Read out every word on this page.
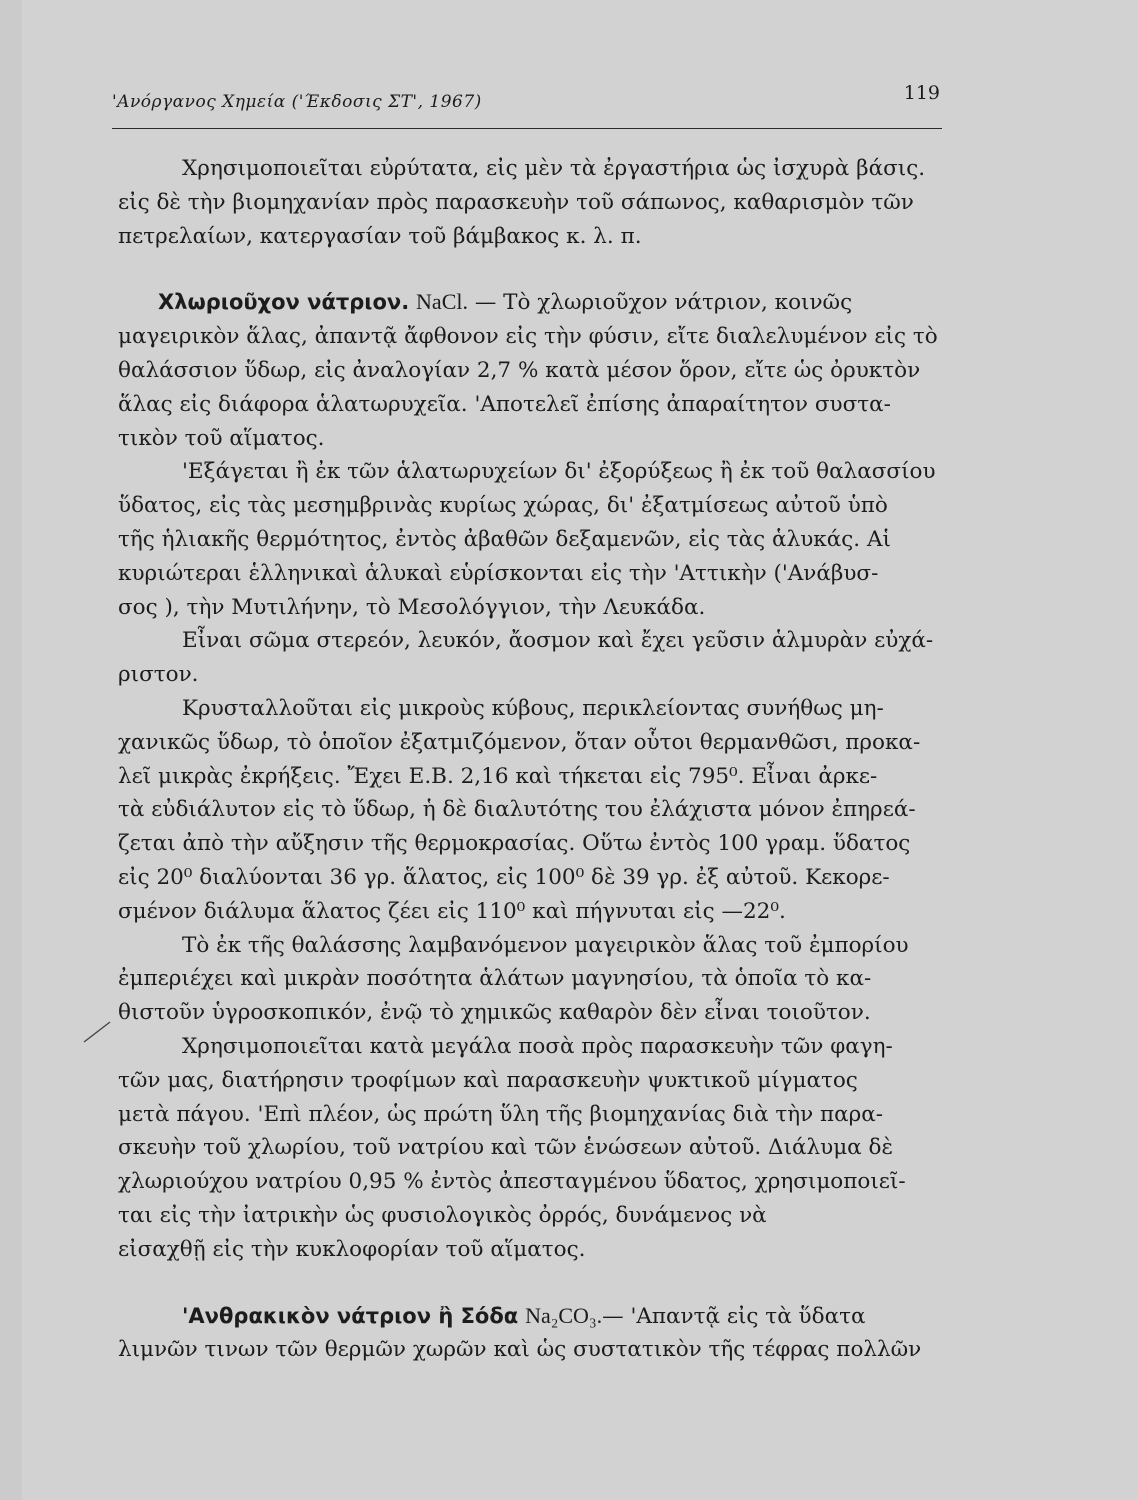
'Ανόργανος Χημεία ('Έκδοσις ΣΤ', 1967)	119
Χρησιμοποιεῖται εὐρύτατα, εἰς μὲν τὰ ἐργαστήρια ὡς ἰσχυρὰ βάσις.
εἰς δὲ τὴν βιομηχανίαν πρὸς παρασκευὴν τοῦ σάπωνος, καθαρισμὸν τῶν
πετρελαίων, κατεργασίαν τοῦ βάμβακος κ. λ. π.
Χλωριοῦχον νάτριον. NaCl. — Τὸ χλωριοῦχον νάτριον, κοινῶς
μαγειρικὸν ἅλας, ἀπαντᾷ ἄφθονον εἰς τὴν φύσιν, εἴτε διαλελυμένον εἰς τὸ
θαλάσσιον ὕδωρ, εἰς ἀναλογίαν 2,7 % κατὰ μέσον ὅρον, εἴτε ὡς ὀρυκτὸν
ἅλας εἰς διάφορα ἁλατωρυχεῖα. 'Αποτελεῖ ἐπίσης ἀπαραίτητον συστα-
τικὸν τοῦ αἵματος.
'Εξάγεται ἢ ἐκ τῶν ἁλατωρυχείων δι' ἐξορύξεως ἢ ἐκ τοῦ θαλασσίου
ὕδατος, εἰς τὰς μεσημβρινὰς κυρίως χώρας, δι' ἐξατμίσεως αὐτοῦ ὑπὸ
τῆς ἡλιακῆς θερμότητος, ἐντὸς ἀβαθῶν δεξαμενῶν, εἰς τὰς ἁλυκάς. Αἱ
κυριώτεραι ἑλληνικαὶ ἁλυκαὶ εὑρίσκονται εἰς τὴν 'Αττικὴν ('Ανάβυσ-
σος ), τὴν Μυτιλήνην, τὸ Μεσολόγγιον, τὴν Λευκάδα.
Εἶναι σῶμα στερεόν, λευκόν, ἄοσμον καὶ ἔχει γεῦσιν ἁλμυρὰν εὐχά-
ριστον.
Κρυσταλλοῦται εἰς μικροὺς κύβους, περικλείοντας συνήθως μη-
χανικῶς ὕδωρ, τὸ ὁποῖον ἐξατμιζόμενον, ὅταν οὗτοι θερμανθῶσι, προκα-
λεῖ μικρὰς ἐκρήξεις. Ἔχει Ε.Β. 2,16 καὶ τήκεται εἰς 795⁰. Εἶναι ἀρκε-
τὰ εὐδιάλυτον εἰς τὸ ὕδωρ, ἡ δὲ διαλυτότης του ἐλάχιστα μόνον ἐπηρεά-
ζεται ἀπὸ τὴν αὔξησιν τῆς θερμοκρασίας. Οὕτω ἐντὸς 100 γραμ. ὕδατος
εἰς 20⁰ διαλύονται 36 γρ. ἅλατος, εἰς 100⁰ δὲ 39 γρ. ἐξ αὐτοῦ. Κεκορε-
σμένον διάλυμα ἅλατος ζέει εἰς 110⁰ καὶ πήγνυται εἰς —22⁰.
Τὸ ἐκ τῆς θαλάσσης λαμβανόμενον μαγειρικὸν ἅλας τοῦ ἐμπορίου
ἐμπεριέχει καὶ μικρὰν ποσότητα ἁλάτων μαγνησίου, τὰ ὁποῖα τὸ κα-
θιστοῦν ὑγροσκοπικόν, ἐνῷ τὸ χημικῶς καθαρὸν δὲν εἶναι τοιοῦτον.
Χρησιμοποιεῖται κατὰ μεγάλα ποσὰ πρὸς παρασκευὴν τῶν φαγη-
τῶν μας, διατήρησιν τροφίμων καὶ παρασκευὴν ψυκτικοῦ μίγματος
μετὰ πάγου. 'Επὶ πλέον, ὡς πρώτη ὕλη τῆς βιομηχανίας διὰ τὴν παρα-
σκευὴν τοῦ χλωρίου, τοῦ νατρίου καὶ τῶν ἑνώσεων αὐτοῦ. Διάλυμα δὲ
χλωριούχου νατρίου 0,95 % ἐντὸς ἀπεσταγμένου ὕδατος, χρησιμοποιεῖ-
ται εἰς τὴν ἰατρικὴν ὡς φυσιολογικὸς ὀρρός, δυνάμενος νὰ
εἰσαχθῇ εἰς τὴν κυκλοφορίαν τοῦ αἵματος.
'Ανθρακικὸν νάτριον ἢ Σόδα Na₂CO₃.— 'Απαντᾷ εἰς τὰ ὕδατα
λιμνῶν τινων τῶν θερμῶν χωρῶν καὶ ὡς συστατικὸν τῆς τέφρας πολλῶν
